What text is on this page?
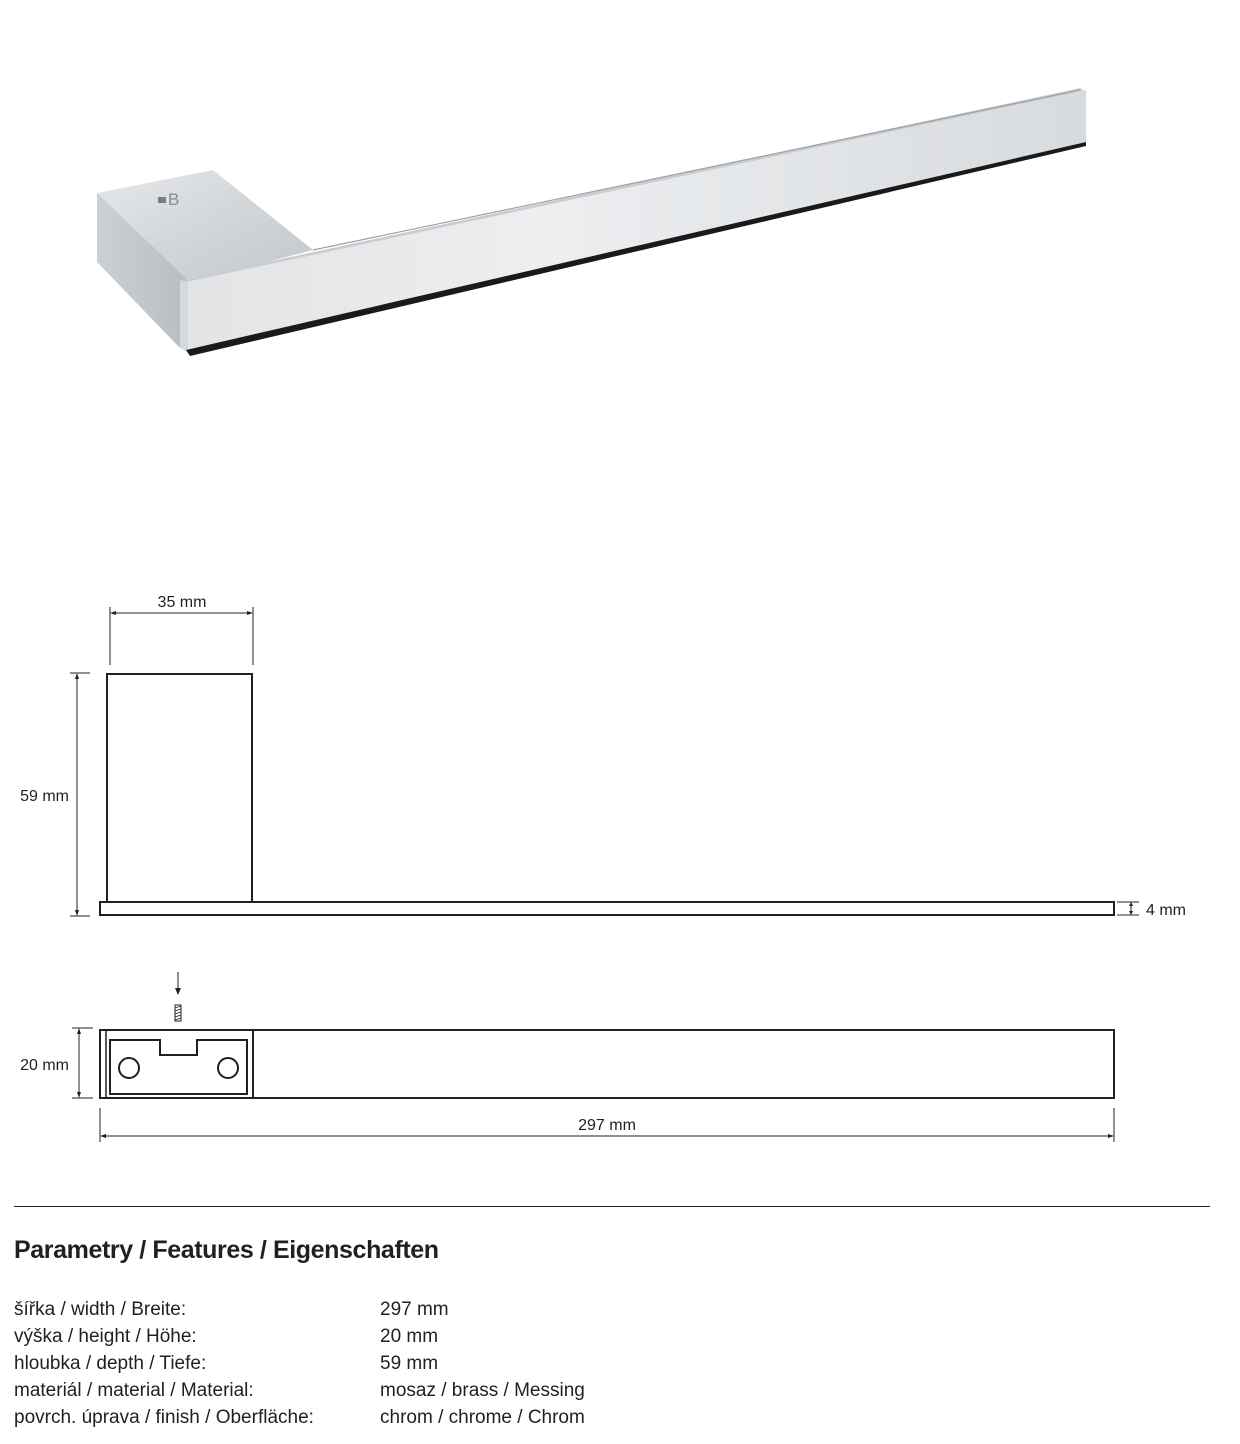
B
35 mm
59 mm
4 mm
20 mm
297 mm
Parametry / Features / Eigenschaften
šířka / width / Breite:	297 mm
výška / height / Höhe:	20 mm
hloubka / depth / Tiefe:	59 mm
materiál / material / Material:	mosaz / brass / Messing
povrch. úprava / finish / Oberfläche:	chrom / chrome / Chrom
